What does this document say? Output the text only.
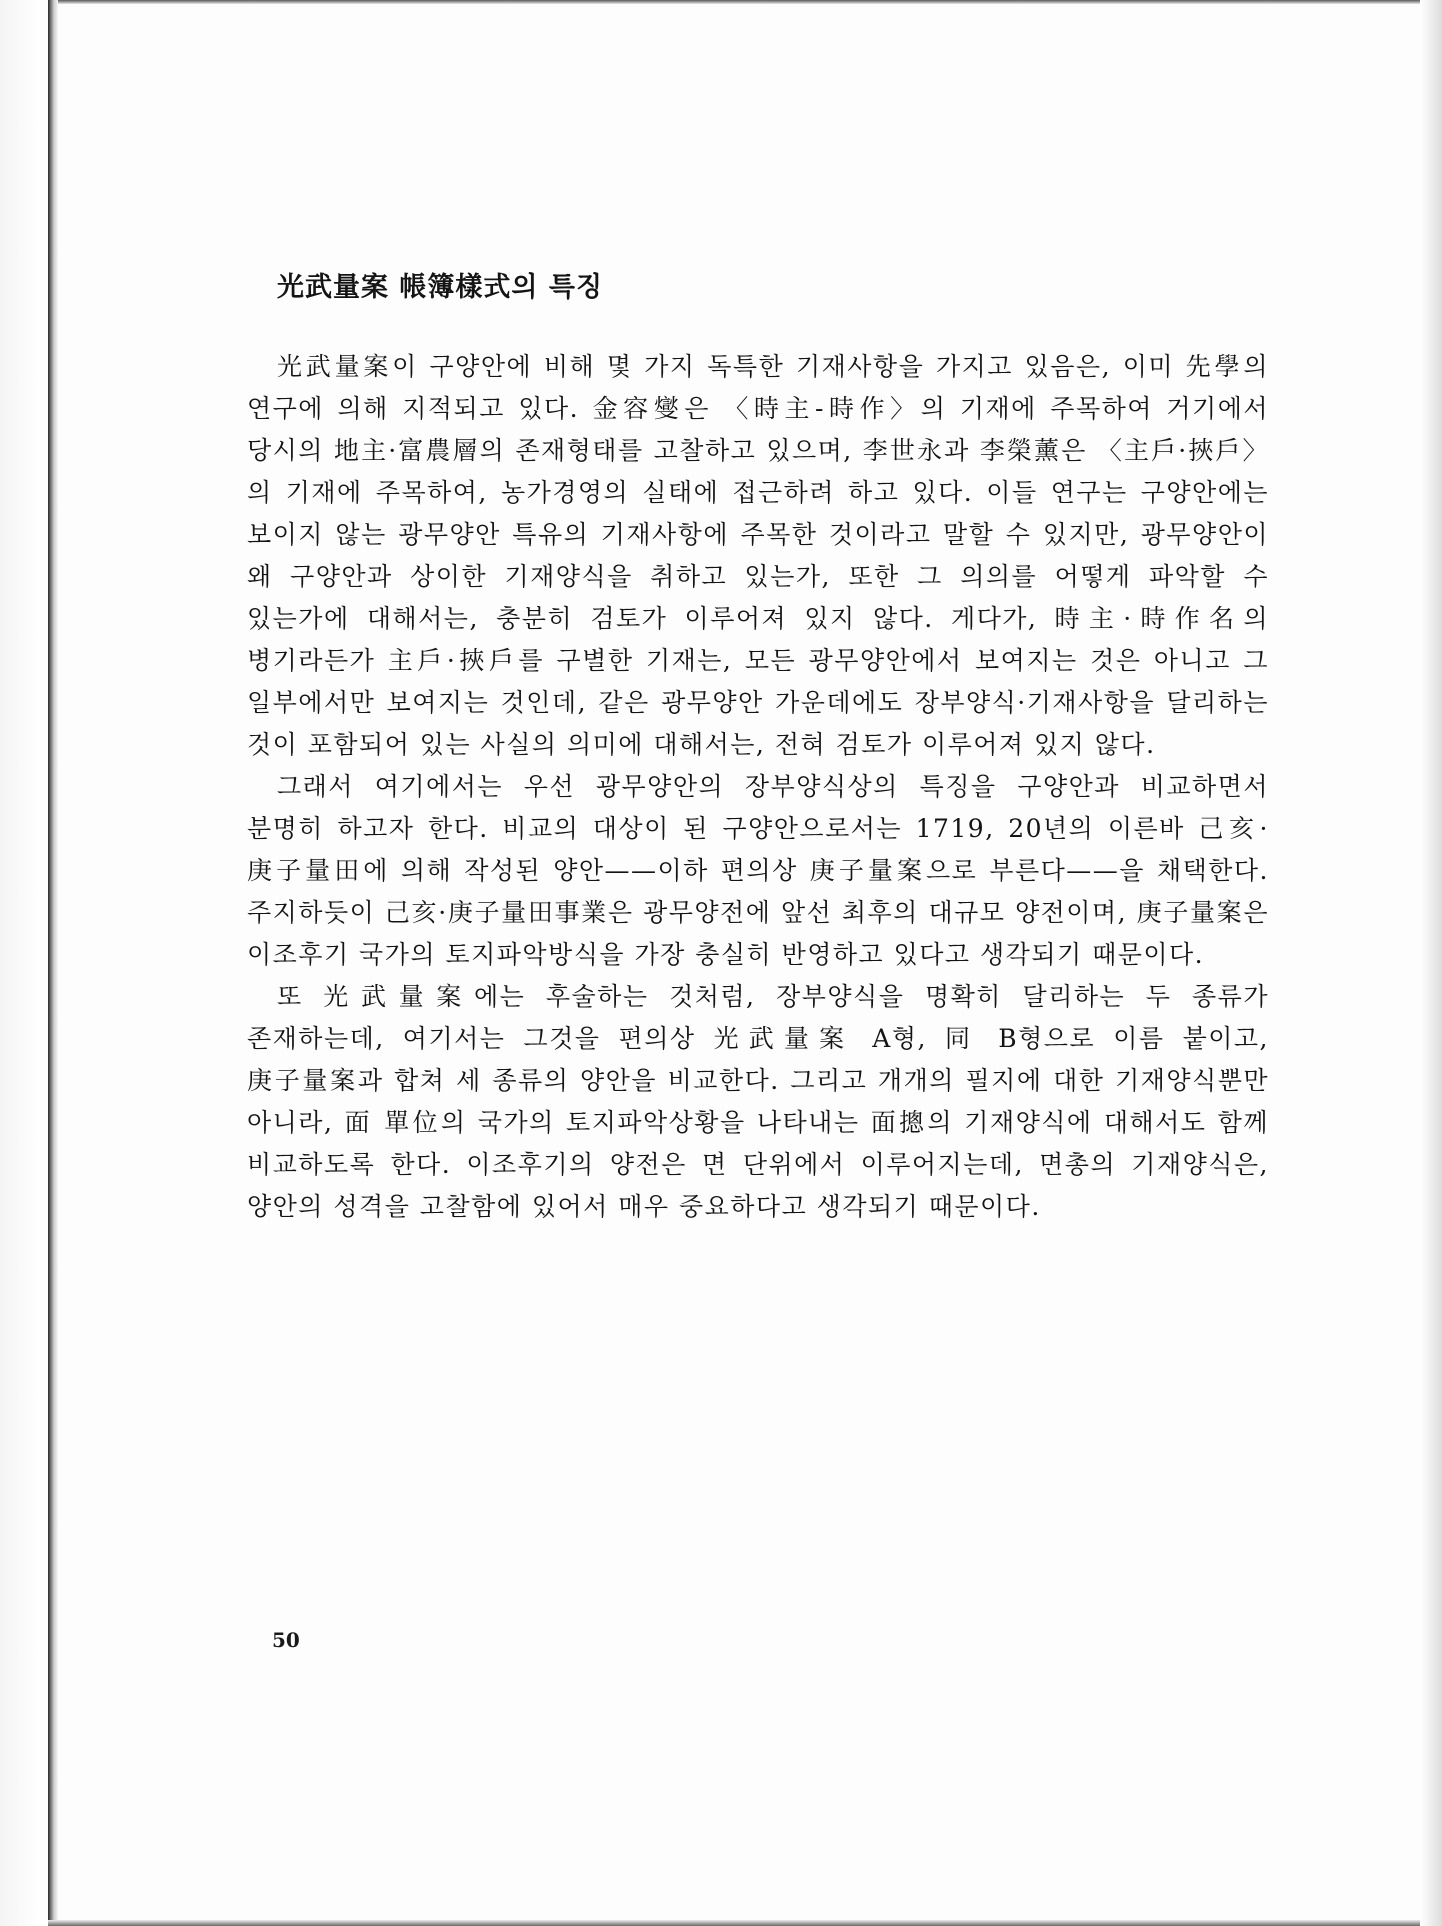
光武量案 帳簿樣式의 특징

光武量案이 구양안에 비해 몇 가지 독특한 기재사항을 가지고 있음은, 이미 先學의 연구에 의해 지적되고 있다. 金容燮은 〈時主-時作〉의 기재에 주목하여 거기에서 당시의 地主·富農層의 존재형태를 고찰하고 있으며, 李世永과 李榮薰은 〈主戶·挾戶〉의 기재에 주목하여, 농가경영의 실태에 접근하려 하고 있다. 이들 연구는 구양안에는 보이지 않는 광무양안 특유의 기재사항에 주목한 것이라고 말할 수 있지만, 광무양안이 왜 구양안과 상이한 기재양식을 취하고 있는가, 또한 그 의의를 어떻게 파악할 수 있는가에 대해서는, 충분히 검토가 이루어져 있지 않다. 게다가, 時主·時作名의 병기라든가 主戶·挾戶를 구별한 기재는, 모든 광무양안에서 보여지는 것은 아니고 그 일부에서만 보여지는 것인데, 같은 광무양안 가운데에도 장부양식·기재사항을 달리하는 것이 포함되어 있는 사실의 의미에 대해서는, 전혀 검토가 이루어져 있지 않다.

그래서 여기에서는 우선 광무양안의 장부양식상의 특징을 구양안과 비교하면서 분명히 하고자 한다. 비교의 대상이 된 구양안으로서는 1719, 20년의 이른바 己亥·庚子量田에 의해 작성된 양안——이하 편의상 庚子量案으로 부른다——을 채택한다. 주지하듯이 己亥·庚子量田事業은 광무양전에 앞선 최후의 대규모 양전이며, 庚子量案은 이조후기 국가의 토지파악방식을 가장 충실히 반영하고 있다고 생각되기 때문이다.

또 光武量案에는 후술하는 것처럼, 장부양식을 명확히 달리하는 두 종류가 존재하는데, 여기서는 그것을 편의상 光武量案 A형, 同 B형으로 이름 붙이고, 庚子量案과 합쳐 세 종류의 양안을 비교한다. 그리고 개개의 필지에 대한 기재양식뿐만 아니라, 面 單位의 국가의 토지파악상황을 나타내는 面摠의 기재양식에 대해서도 함께 비교하도록 한다. 이조후기의 양전은 면 단위에서 이루어지는데, 면총의 기재양식은, 양안의 성격을 고찰함에 있어서 매우 중요하다고 생각되기 때문이다.

50
